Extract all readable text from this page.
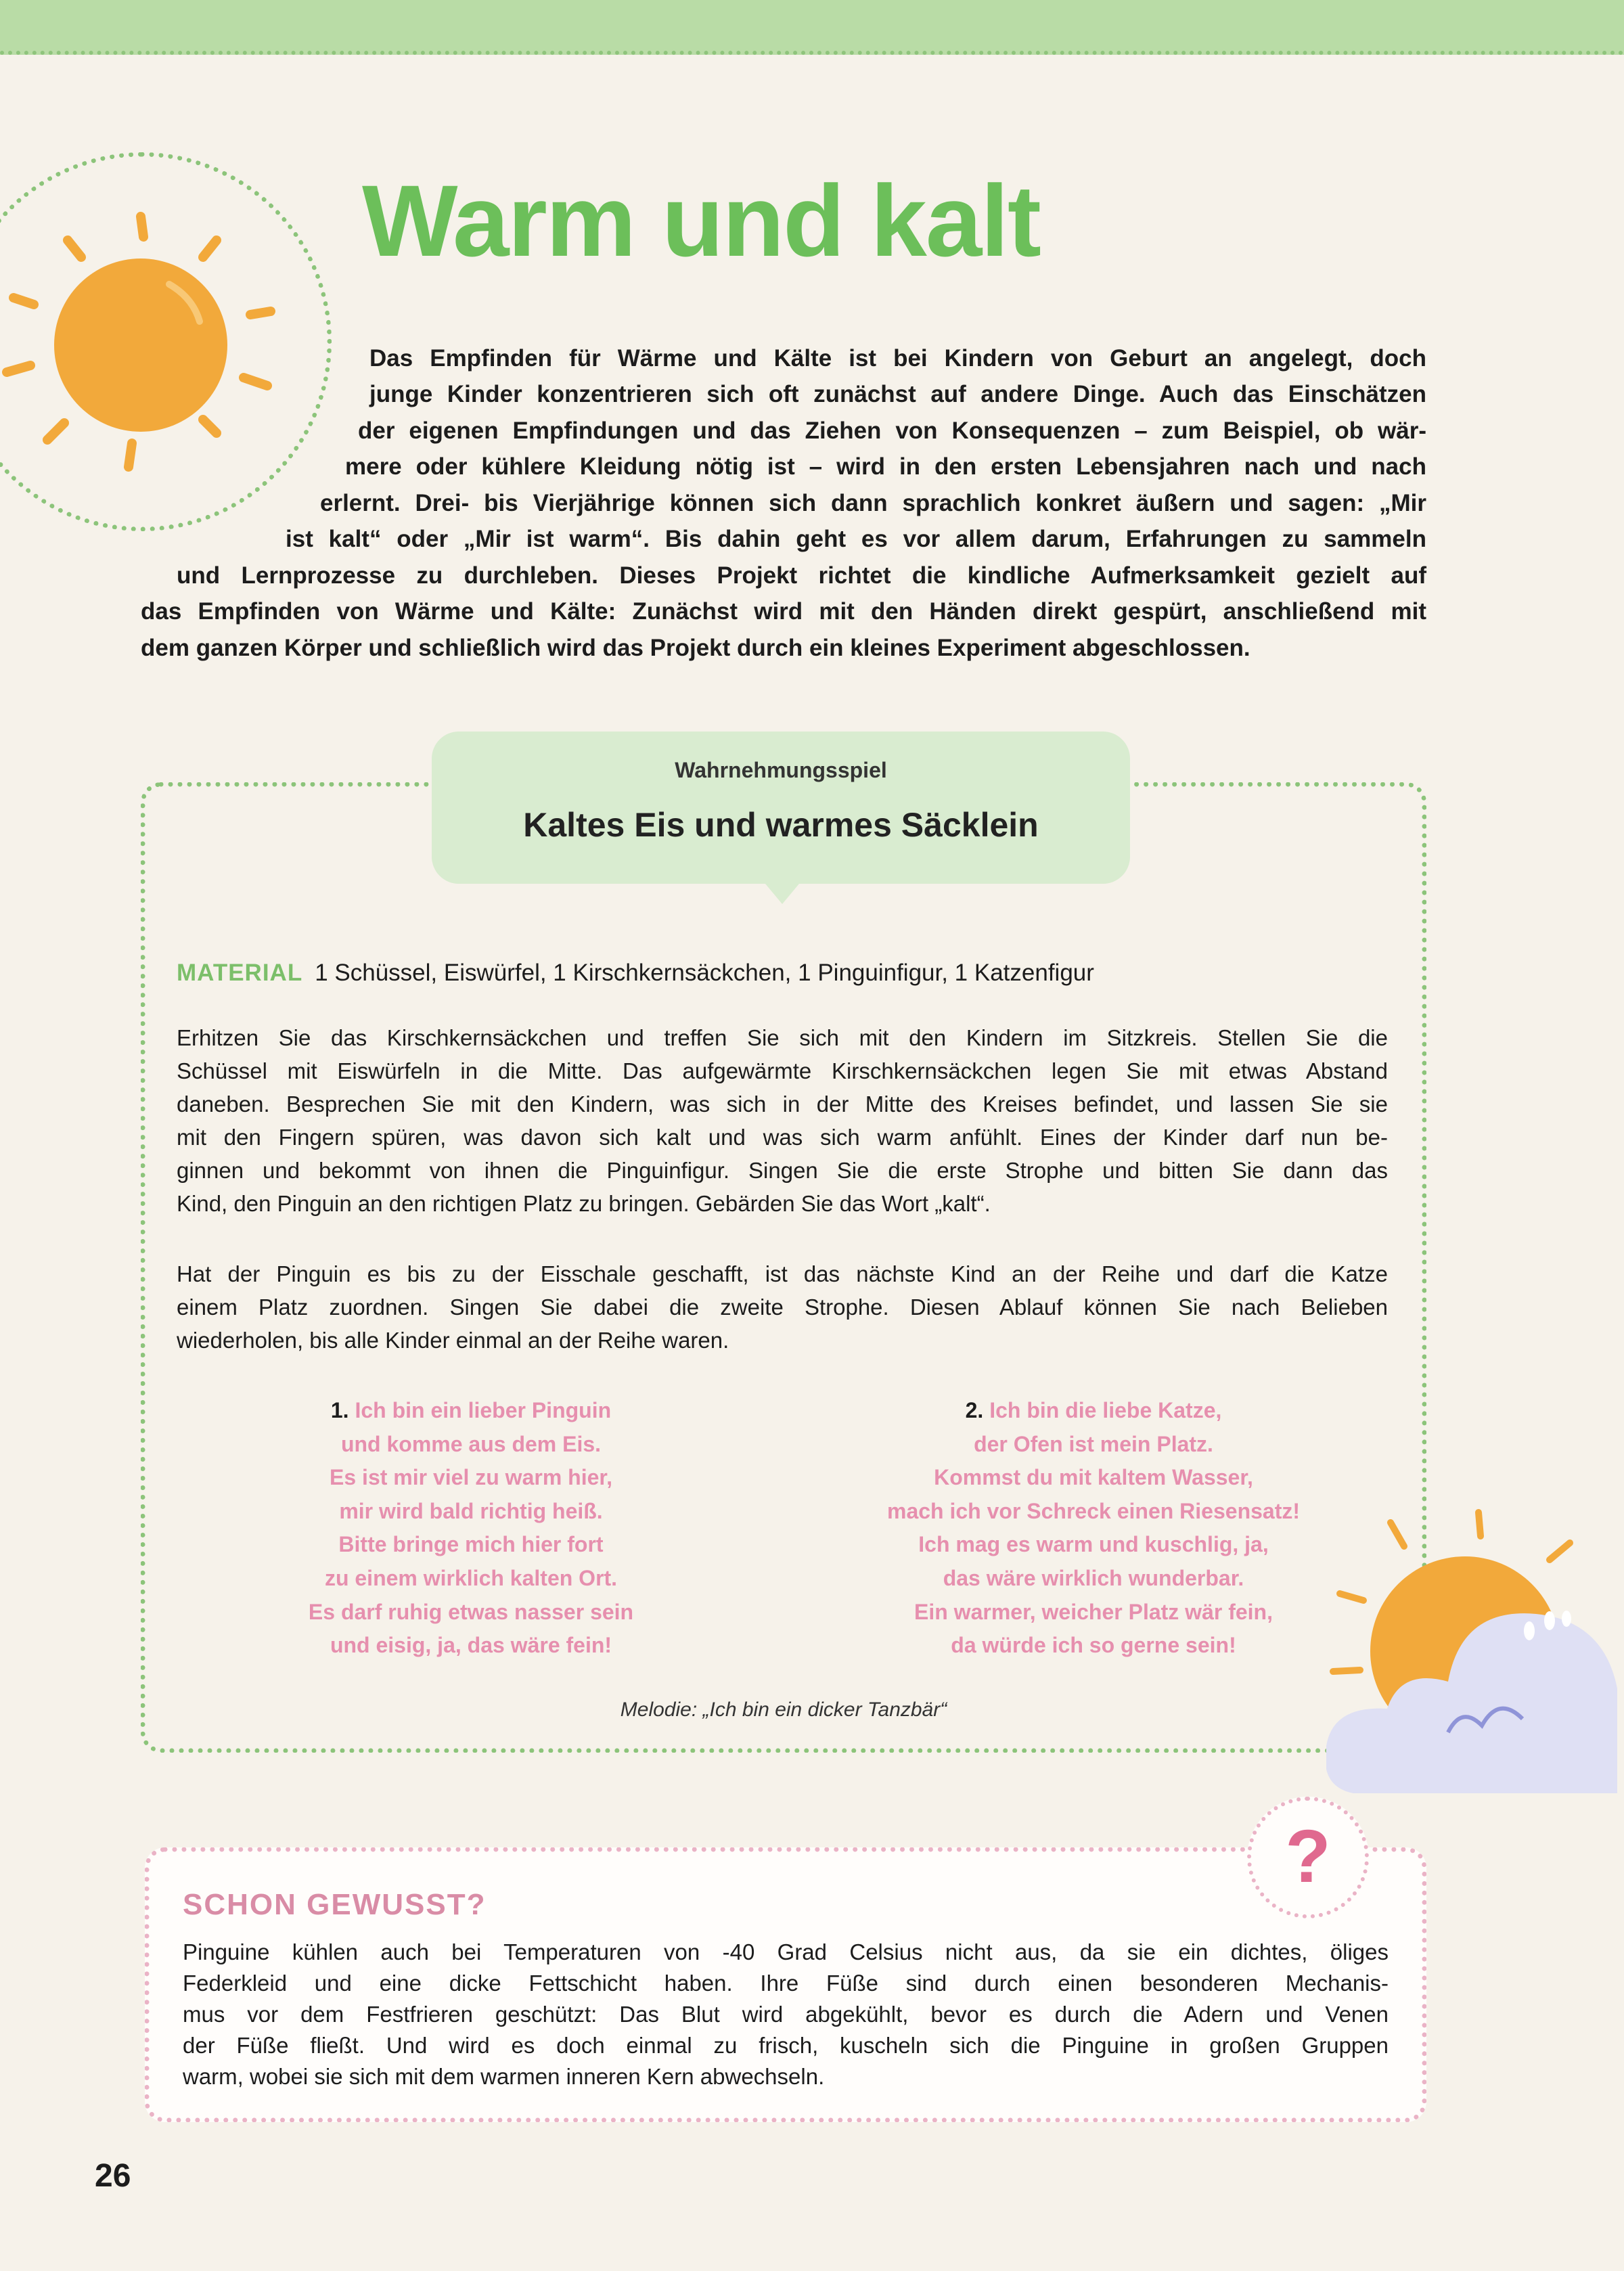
Warm und kalt
Das Empfinden für Wärme und Kälte ist bei Kindern von Geburt an angelegt, doch
junge Kinder konzentrieren sich oft zunächst auf andere Dinge. Auch das Einschätzen
der eigenen Empfindungen und das Ziehen von Konsequenzen – zum Beispiel, ob wär-
mere oder kühlere Kleidung nötig ist – wird in den ersten Lebensjahren nach und nach
erlernt. Drei- bis Vierjährige können sich dann sprachlich konkret äußern und sagen: „Mir
ist kalt“ oder „Mir ist warm“. Bis dahin geht es vor allem darum, Erfahrungen zu sammeln
und Lernprozesse zu durchleben. Dieses Projekt richtet die kindliche Aufmerksamkeit gezielt auf
das Empfinden von Wärme und Kälte: Zunächst wird mit den Händen direkt gespürt, anschließend mit
dem ganzen Körper und schließlich wird das Projekt durch ein kleines Experiment abgeschlossen.
Wahrnehmungsspiel
Kaltes Eis und warmes Säcklein
MATERIAL 1 Schüssel, Eiswürfel, 1 Kirschkernsäckchen, 1 Pinguinfigur, 1 Katzenfigur
Erhitzen Sie das Kirschkernsäckchen und treffen Sie sich mit den Kindern im Sitzkreis. Stellen Sie die
Schüssel mit Eiswürfeln in die Mitte. Das aufgewärmte Kirschkernsäckchen legen Sie mit etwas Abstand
daneben. Besprechen Sie mit den Kindern, was sich in der Mitte des Kreises befindet, und lassen Sie sie
mit den Fingern spüren, was davon sich kalt und was sich warm anfühlt. Eines der Kinder darf nun be-
ginnen und bekommt von ihnen die Pinguinfigur. Singen Sie die erste Strophe und bitten Sie dann das
Kind, den Pinguin an den richtigen Platz zu bringen. Gebärden Sie das Wort „kalt“.
Hat der Pinguin es bis zu der Eisschale geschafft, ist das nächste Kind an der Reihe und darf die Katze
einem Platz zuordnen. Singen Sie dabei die zweite Strophe. Diesen Ablauf können Sie nach Belieben
wiederholen, bis alle Kinder einmal an der Reihe waren.
1. Ich bin ein lieber Pinguin
und komme aus dem Eis.
Es ist mir viel zu warm hier,
mir wird bald richtig heiß.
Bitte bringe mich hier fort
zu einem wirklich kalten Ort.
Es darf ruhig etwas nasser sein
und eisig, ja, das wäre fein!
2. Ich bin die liebe Katze,
der Ofen ist mein Platz.
Kommst du mit kaltem Wasser,
mach ich vor Schreck einen Riesensatz!
Ich mag es warm und kuschlig, ja,
das wäre wirklich wunderbar.
Ein warmer, weicher Platz wär fein,
da würde ich so gerne sein!
Melodie: „Ich bin ein dicker Tanzbär“
?
SCHON GEWUSST?
Pinguine kühlen auch bei Temperaturen von -40 Grad Celsius nicht aus, da sie ein dichtes, öliges
Federkleid und eine dicke Fettschicht haben. Ihre Füße sind durch einen besonderen Mechanis-
mus vor dem Festfrieren geschützt: Das Blut wird abgekühlt, bevor es durch die Adern und Venen
der Füße fließt. Und wird es doch einmal zu frisch, kuscheln sich die Pinguine in großen Gruppen
warm, wobei sie sich mit dem warmen inneren Kern abwechseln.
26
